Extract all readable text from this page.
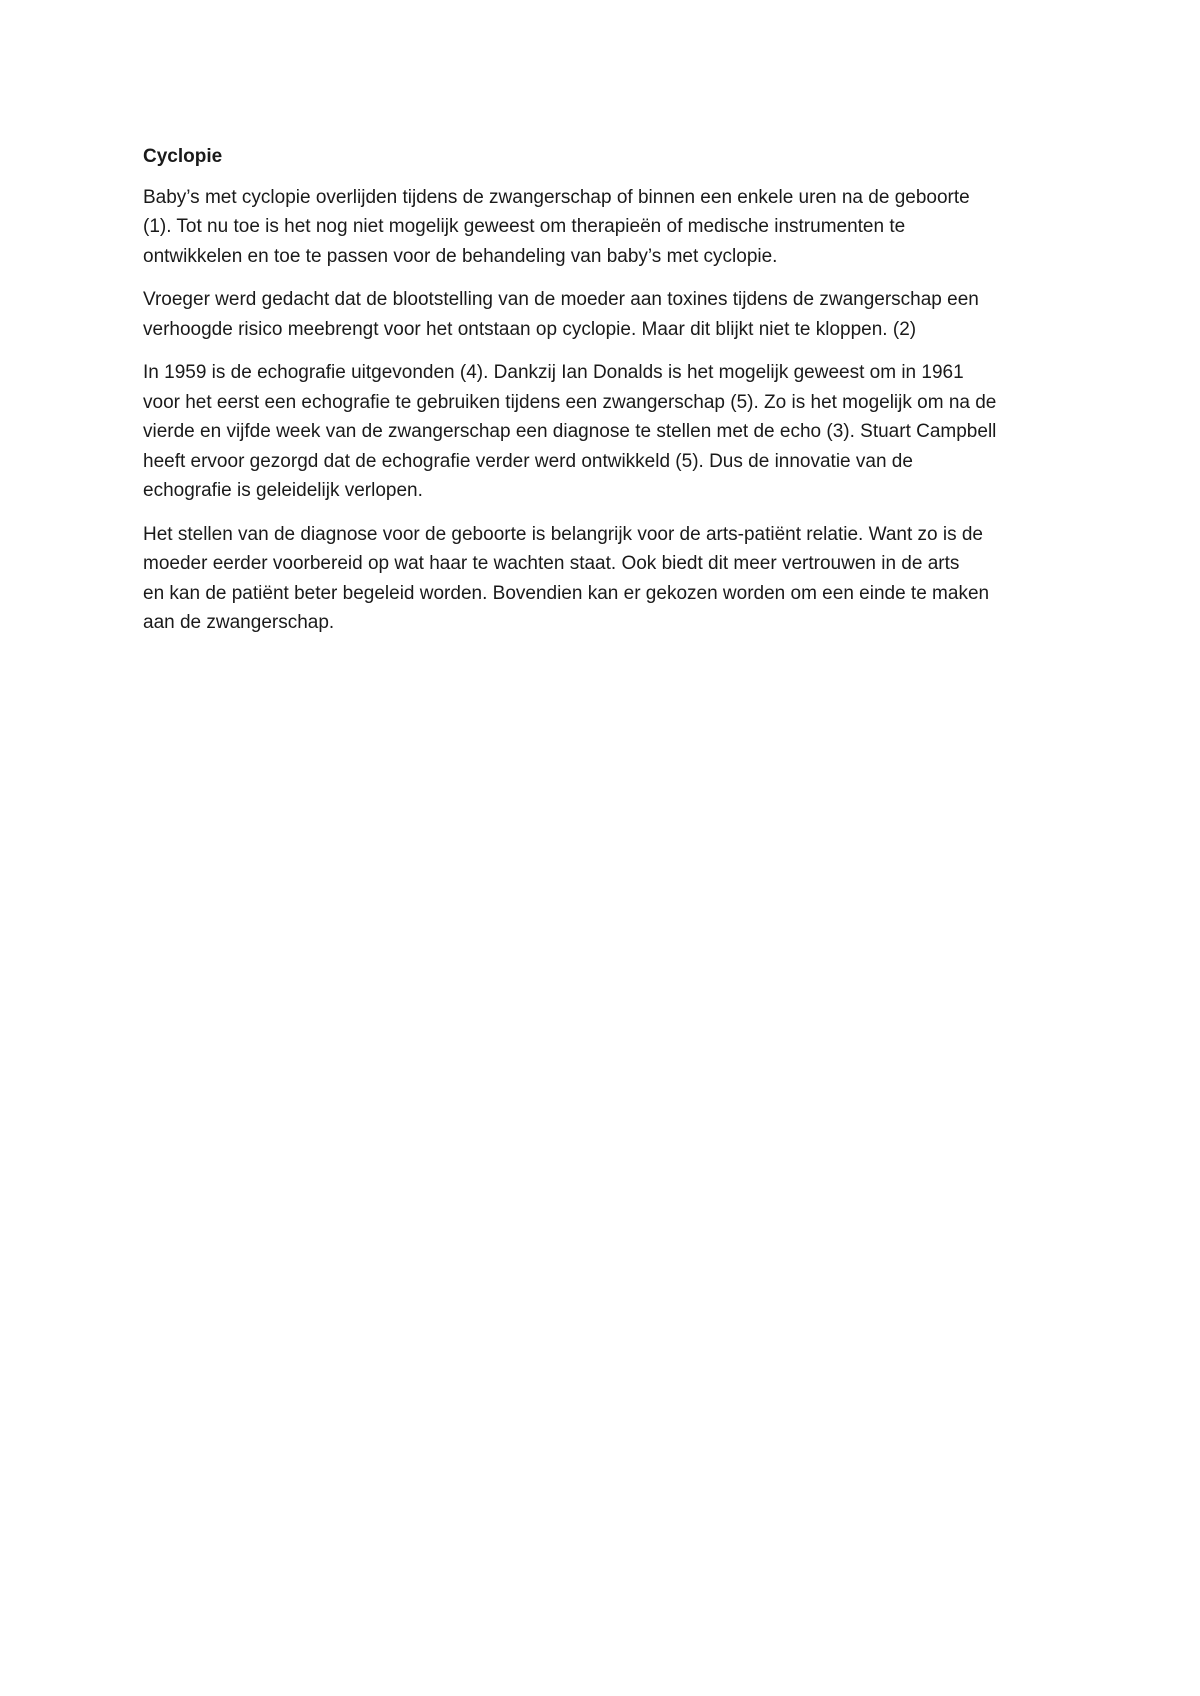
Cyclopie
Baby’s met cyclopie overlijden tijdens de zwangerschap of binnen een enkele uren na de geboorte
(1). Tot nu toe is het nog niet mogelijk geweest om therapieën of medische instrumenten te
ontwikkelen en toe te passen voor de behandeling van baby’s met cyclopie.
Vroeger werd gedacht dat de blootstelling van de moeder aan toxines tijdens de zwangerschap een
verhoogde risico meebrengt voor het ontstaan op cyclopie. Maar dit blijkt niet te kloppen. (2)
In 1959 is de echografie uitgevonden (4). Dankzij Ian Donalds is het mogelijk geweest om in 1961
voor het eerst een echografie te gebruiken tijdens een zwangerschap (5). Zo is het mogelijk om na de
vierde en vijfde week van de zwangerschap een diagnose te stellen met de echo (3). Stuart Campbell
heeft ervoor gezorgd dat de echografie verder werd ontwikkeld (5). Dus de innovatie van de
echografie is geleidelijk verlopen.
Het stellen van de diagnose voor de geboorte is belangrijk voor de arts-patiënt relatie. Want zo is de
moeder eerder voorbereid op wat haar te wachten staat. Ook biedt dit meer vertrouwen in de arts
en kan de patiënt beter begeleid worden. Bovendien kan er gekozen worden om een einde te maken
aan de zwangerschap.
